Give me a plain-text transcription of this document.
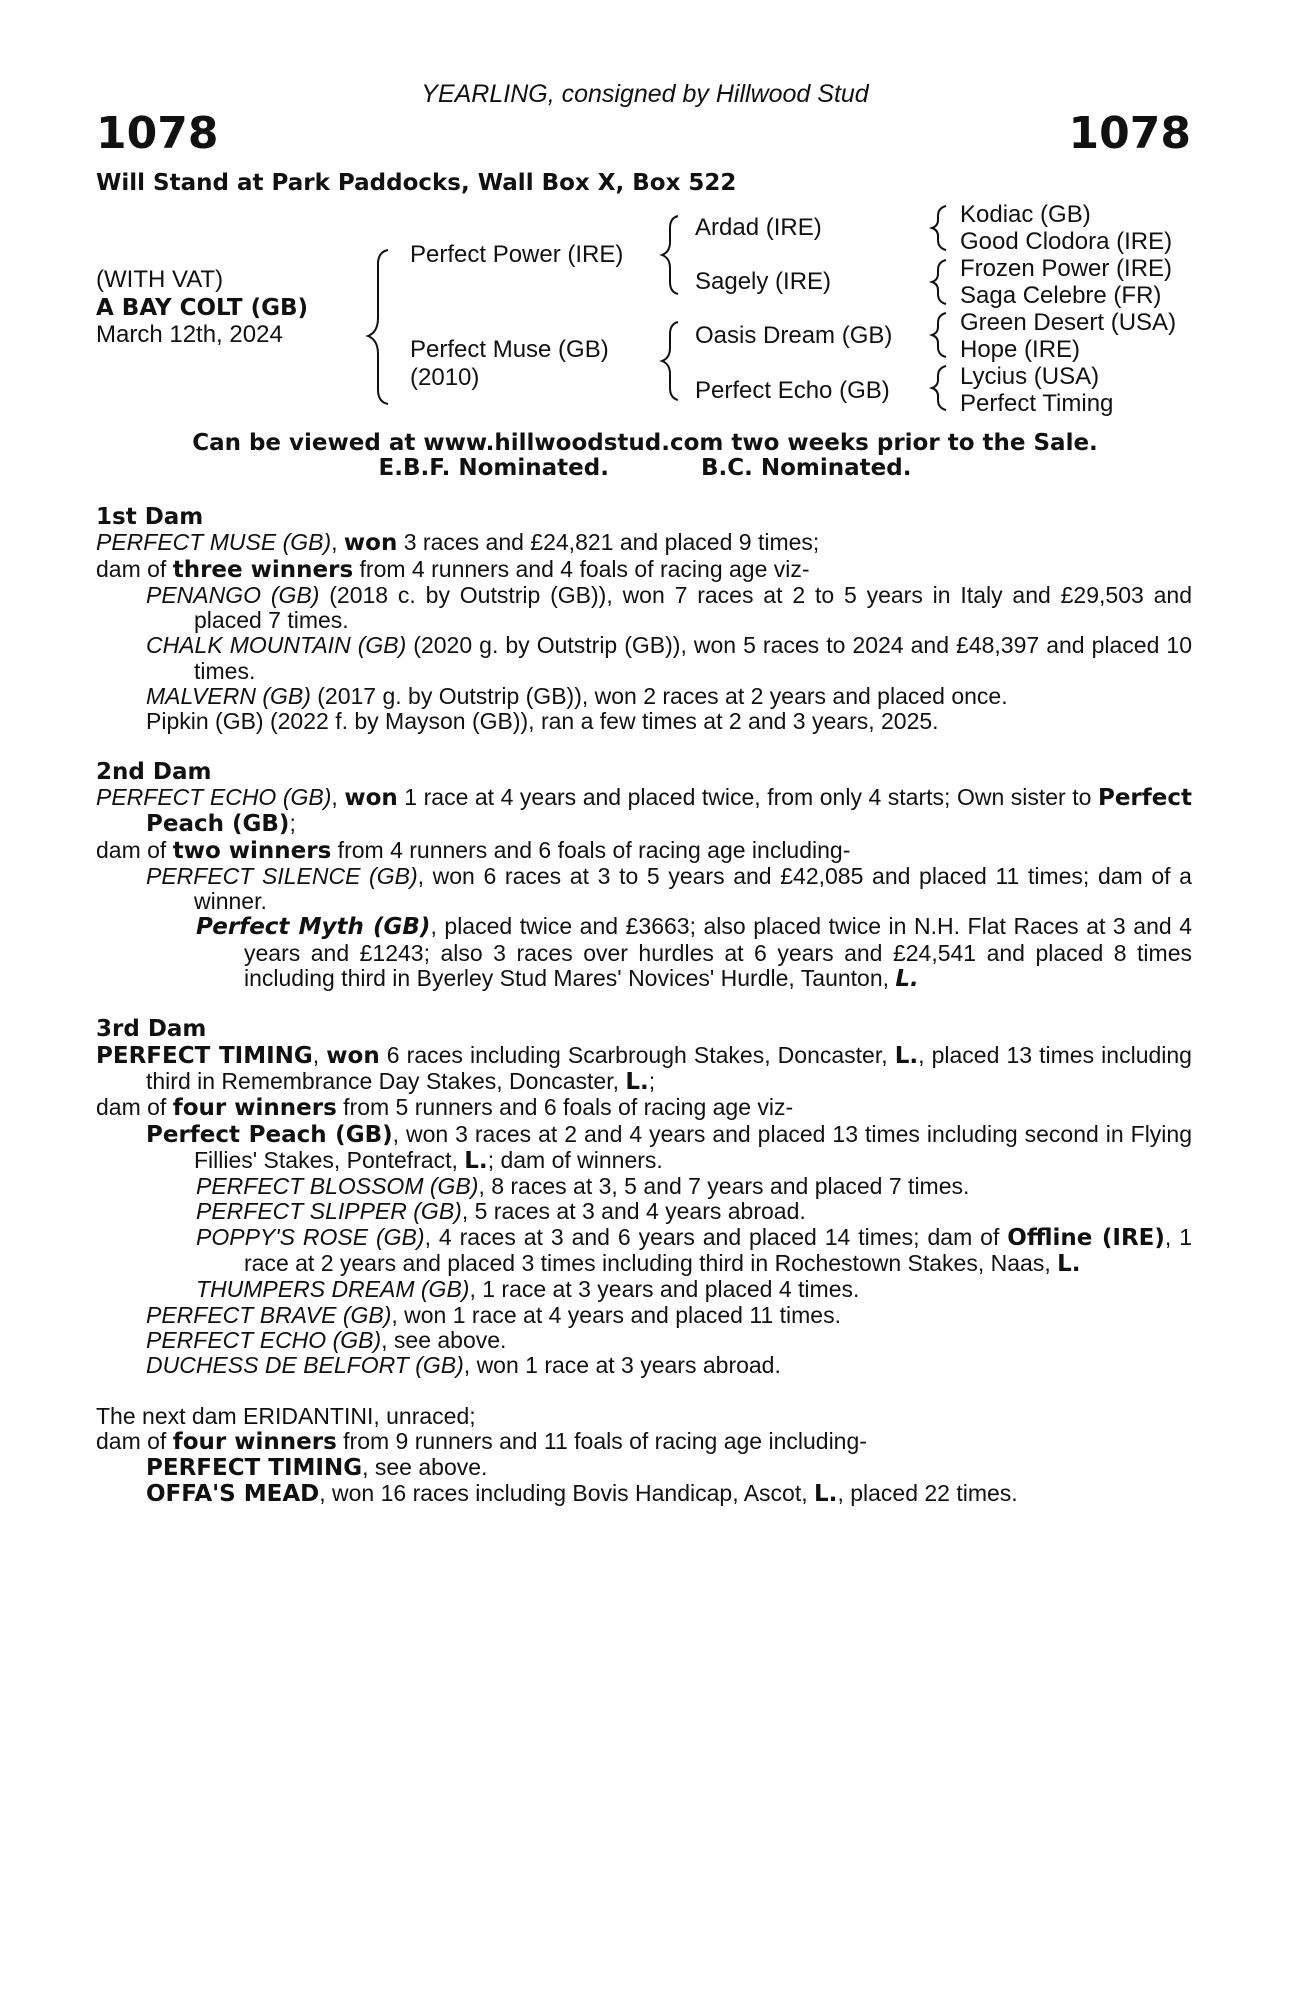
YEARLING, consigned by Hillwood Stud
1078	1078
Will Stand at Park Paddocks, Wall Box X, Box 522
(WITH VAT)
A BAY COLT (GB)
March 12th, 2024
Perfect Power (IRE)
Perfect Muse (GB)
(2010)
Ardad (IRE)
Sagely (IRE)
Oasis Dream (GB)
Perfect Echo (GB)
Kodiac (GB)
Good Clodora (IRE)
Frozen Power (IRE)
Saga Celebre (FR)
Green Desert (USA)
Hope (IRE)
Lycius (USA)
Perfect Timing
Can be viewed at www.hillwoodstud.com two weeks prior to the Sale.
E.B.F. Nominated.	B.C. Nominated.

1st Dam

PERFECT MUSE (GB), won 3 races and £24,821 and placed 9 times;

dam of three winners from 4 runners and 4 foals of racing age viz-

PENANGO (GB) (2018 c. by Outstrip (GB)), won 7 races at 2 to 5 years in Italy and £29,503 and placed 7 times.

CHALK MOUNTAIN (GB) (2020 g. by Outstrip (GB)), won 5 races to 2024 and £48,397 and placed 10 times.

MALVERN (GB) (2017 g. by Outstrip (GB)), won 2 races at 2 years and placed once.

Pipkin (GB) (2022 f. by Mayson (GB)), ran a few times at 2 and 3 years, 2025.

2nd Dam

PERFECT ECHO (GB), won 1 race at 4 years and placed twice, from only 4 starts; Own sister to Perfect Peach (GB);

dam of two winners from 4 runners and 6 foals of racing age including-

PERFECT SILENCE (GB), won 6 races at 3 to 5 years and £42,085 and placed 11 times; dam of a winner.

Perfect Myth (GB), placed twice and £3663; also placed twice in N.H. Flat Races at 3 and 4 years and £1243; also 3 races over hurdles at 6 years and £24,541 and placed 8 times including third in Byerley Stud Mares' Novices' Hurdle, Taunton, L.

3rd Dam

PERFECT TIMING, won 6 races including Scarbrough Stakes, Doncaster, L., placed 13 times including third in Remembrance Day Stakes, Doncaster, L.;

dam of four winners from 5 runners and 6 foals of racing age viz-

Perfect Peach (GB), won 3 races at 2 and 4 years and placed 13 times including second in Flying Fillies' Stakes, Pontefract, L.; dam of winners.

PERFECT BLOSSOM (GB), 8 races at 3, 5 and 7 years and placed 7 times.

PERFECT SLIPPER (GB), 5 races at 3 and 4 years abroad.

POPPY'S ROSE (GB), 4 races at 3 and 6 years and placed 14 times; dam of Offline (IRE), 1 race at 2 years and placed 3 times including third in Rochestown Stakes, Naas, L.

THUMPERS DREAM (GB), 1 race at 3 years and placed 4 times.

PERFECT BRAVE (GB), won 1 race at 4 years and placed 11 times.

PERFECT ECHO (GB), see above.

DUCHESS DE BELFORT (GB), won 1 race at 3 years abroad.

The next dam ERIDANTINI, unraced;

dam of four winners from 9 runners and 11 foals of racing age including-

PERFECT TIMING, see above.

OFFA'S MEAD, won 16 races including Bovis Handicap, Ascot, L., placed 22 times.
